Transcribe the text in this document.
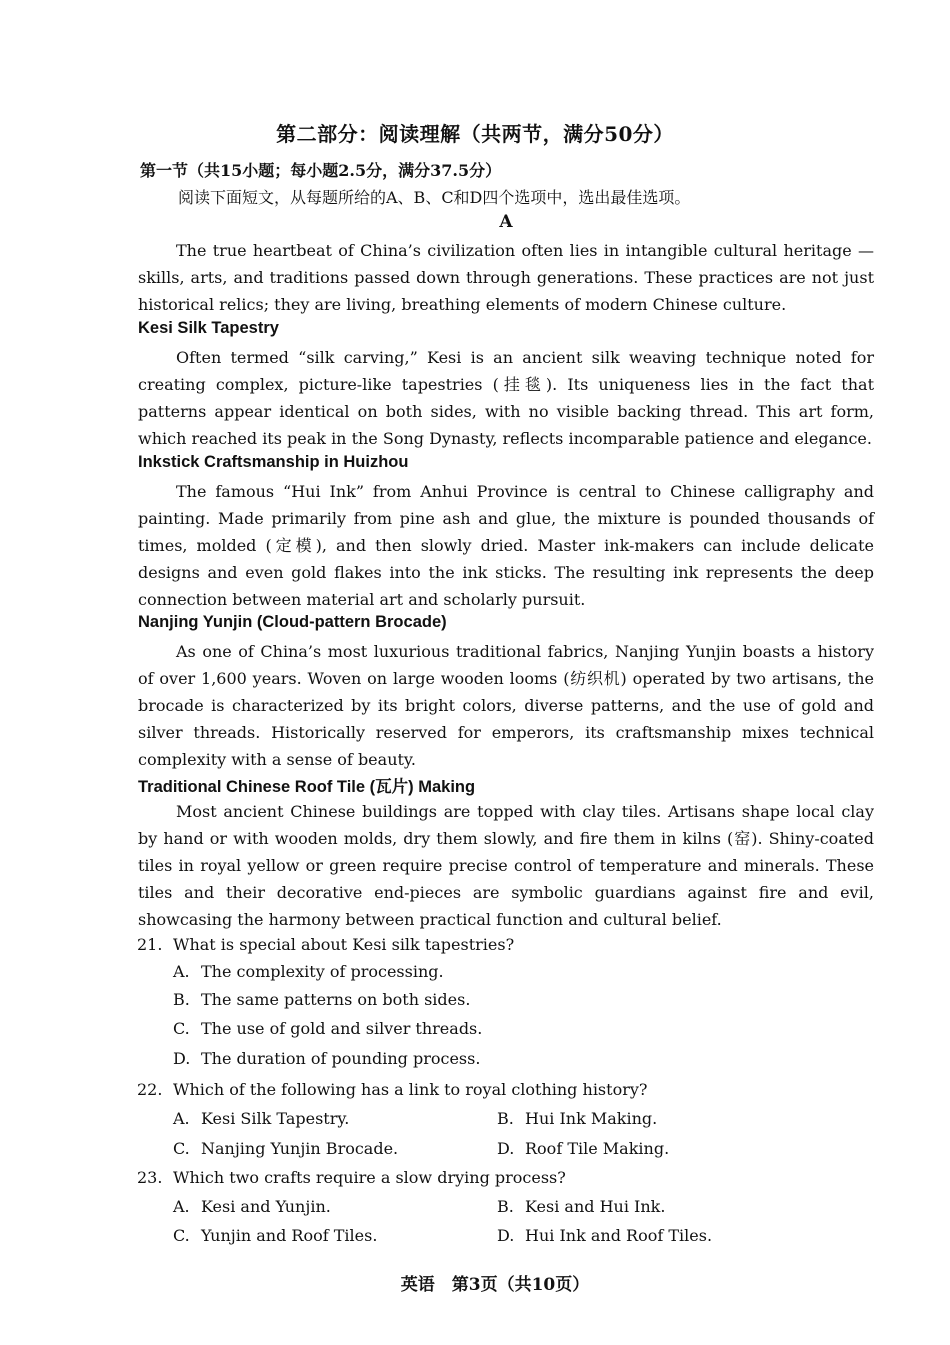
第二部分：阅读理解（共两节，满分50分）
第一节（共15小题；每小题2.5分，满分37.5分）
阅读下面短文，从每题所给的A、B、C和D四个选项中，选出最佳选项。
A

The true heartbeat of China’s civilization often lies in intangible cultural heritage — skills, arts, and traditions passed down through generations. These practices are not just historical relics; they are living, breathing elements of modern Chinese culture.

Kesi Silk Tapestry

Often termed “silk carving,” Kesi is an ancient silk weaving technique noted for creating complex, picture-like tapestries (挂毯). Its uniqueness lies in the fact that patterns appear identical on both sides, with no visible backing thread. This art form, which reached its peak in the Song Dynasty, reflects incomparable patience and elegance.

Inkstick Craftsmanship in Huizhou

The famous “Hui Ink” from Anhui Province is central to Chinese calligraphy and painting. Made primarily from pine ash and glue, the mixture is pounded thousands of times, molded (定模), and then slowly dried. Master ink-makers can include delicate designs and even gold flakes into the ink sticks. The resulting ink represents the deep connection between material art and scholarly pursuit.

Nanjing Yunjin (Cloud-pattern Brocade)

As one of China’s most luxurious traditional fabrics, Nanjing Yunjin boasts a history of over 1,600 years. Woven on large wooden looms (纺织机) operated by two artisans, the brocade is characterized by its bright colors, diverse patterns, and the use of gold and silver threads. Historically reserved for emperors, its craftsmanship mixes technical complexity with a sense of beauty.

Traditional Chinese Roof Tile (瓦片) Making

Most ancient Chinese buildings are topped with clay tiles. Artisans shape local clay by hand or with wooden molds, dry them slowly, and fire them in kilns (窑). Shiny-coated tiles in royal yellow or green require precise control of temperature and minerals. These tiles and their decorative end-pieces are symbolic guardians against fire and evil, showcasing the harmony between practical function and cultural belief.

21. What is special about Kesi silk tapestries?
A. The complexity of processing.
B. The same patterns on both sides.
C. The use of gold and silver threads.
D. The duration of pounding process.
22. Which of the following has a link to royal clothing history?
A. Kesi Silk Tapestry.	B. Hui Ink Making.
C. Nanjing Yunjin Brocade.	D. Roof Tile Making.
23. Which two crafts require a slow drying process?
A. Kesi and Yunjin.	B. Kesi and Hui Ink.
C. Yunjin and Roof Tiles.	D. Hui Ink and Roof Tiles.
英语　第3页（共10页）
